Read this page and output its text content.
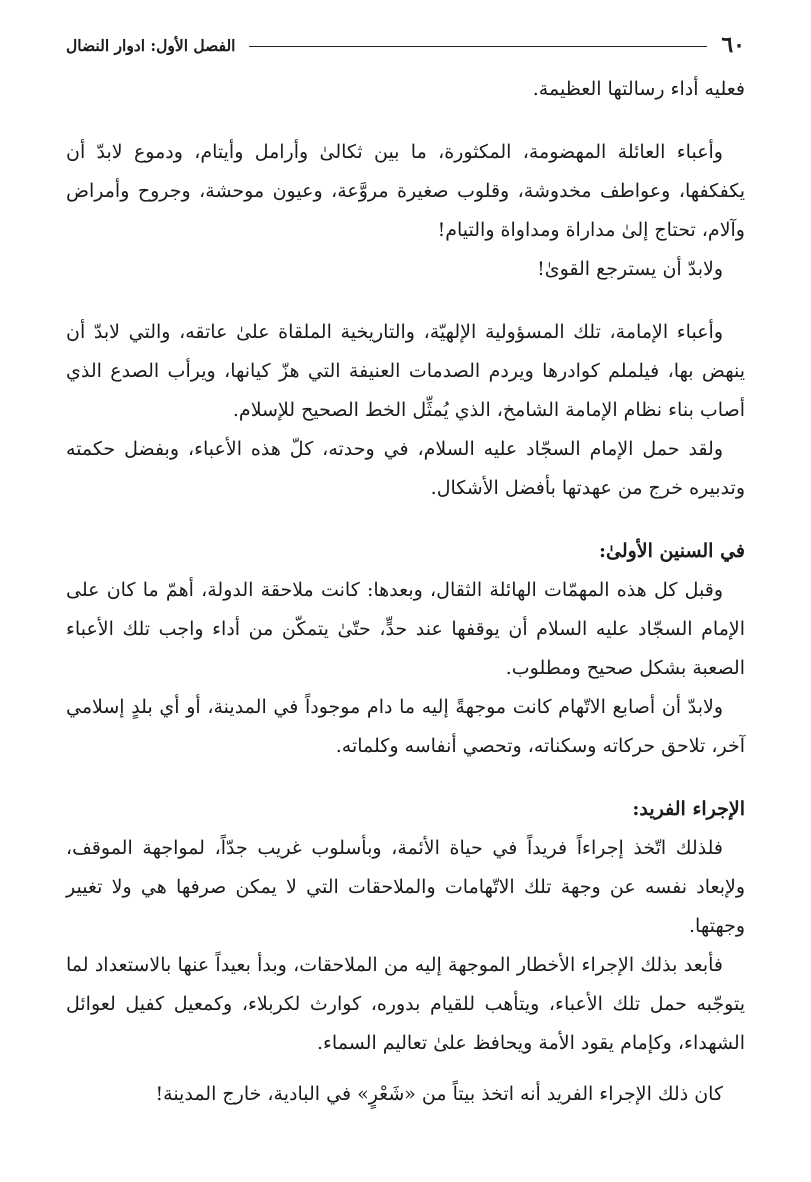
٦٠
الفصل الأول: ادوار النضال

فعليه أداء رسالتها العظيمة.

وأعباء العائلة المهضومة، المكثورة، ما بين ثكالىٰ وأرامل وأيتام، ودموع لابدّ أن يكفكفها، وعواطف مخدوشة، وقلوب صغيرة مروَّعة، وعيون موحشة، وجروح وأمراض وآلام، تحتاج إلىٰ مداراة ومداواة والتيام!

ولابدّ أن يسترجع القوىٰ!

وأعباء الإمامة، تلك المسؤولية الإلهيّة، والتاريخية الملقاة علىٰ عاتقه، والتي لابدّ أن ينهض بها، فيلملم كوادرها ويردم الصدمات العنيفة التي هزّ كيانها، ويرأب الصدع الذي أصاب بناء نظام الإمامة الشامخ، الذي يُمثِّل الخط الصحيح للإسلام.

ولقد حمل الإمام السجّاد عليه السلام، في وحدته، كلّ هذه الأعباء، وبفضل حكمته وتدبيره خرج من عهدتها بأفضل الأشكال.

في السنين الأولىٰ:

وقبل كل هذه المهمّات الهائلة الثقال، وبعدها: كانت ملاحقة الدولة، أهمّ ما كان على الإمام السجّاد عليه السلام أن يوقفها عند حدٍّ، حتّىٰ يتمكّن من أداء واجب تلك الأعباء الصعبة بشكل صحيح ومطلوب.

ولابدّ أن أصابع الاتّهام كانت موجهةً إليه ما دام موجوداً في المدينة، أو أي بلدٍ إسلامي آخر، تلاحق حركاته وسكناته، وتحصي أنفاسه وكلماته.

الإجراء الفريد:

فلذلك اتّخذ إجراءاً فريداً في حياة الأئمة، وبأسلوب غريب جدّاً، لمواجهة الموقف، ولإبعاد نفسه عن وجهة تلك الاتّهامات والملاحقات التي لا يمكن صرفها هي ولا تغيير وجهتها.

فأبعد بذلك الإجراء الأخطار الموجهة إليه من الملاحقات، وبدأ بعيداً عنها بالاستعداد لما يتوجّبه حمل تلك الأعباء، ويتأهب للقيام بدوره، كوارث لكربلاء، وكمعيل كفيل لعوائل الشهداء، وكإمام يقود الأمة ويحافظ علىٰ تعاليم السماء.

كان ذلك الإجراء الفريد أنه اتخذ بيتاً من «شَعْرٍ» في البادية، خارج المدينة!
